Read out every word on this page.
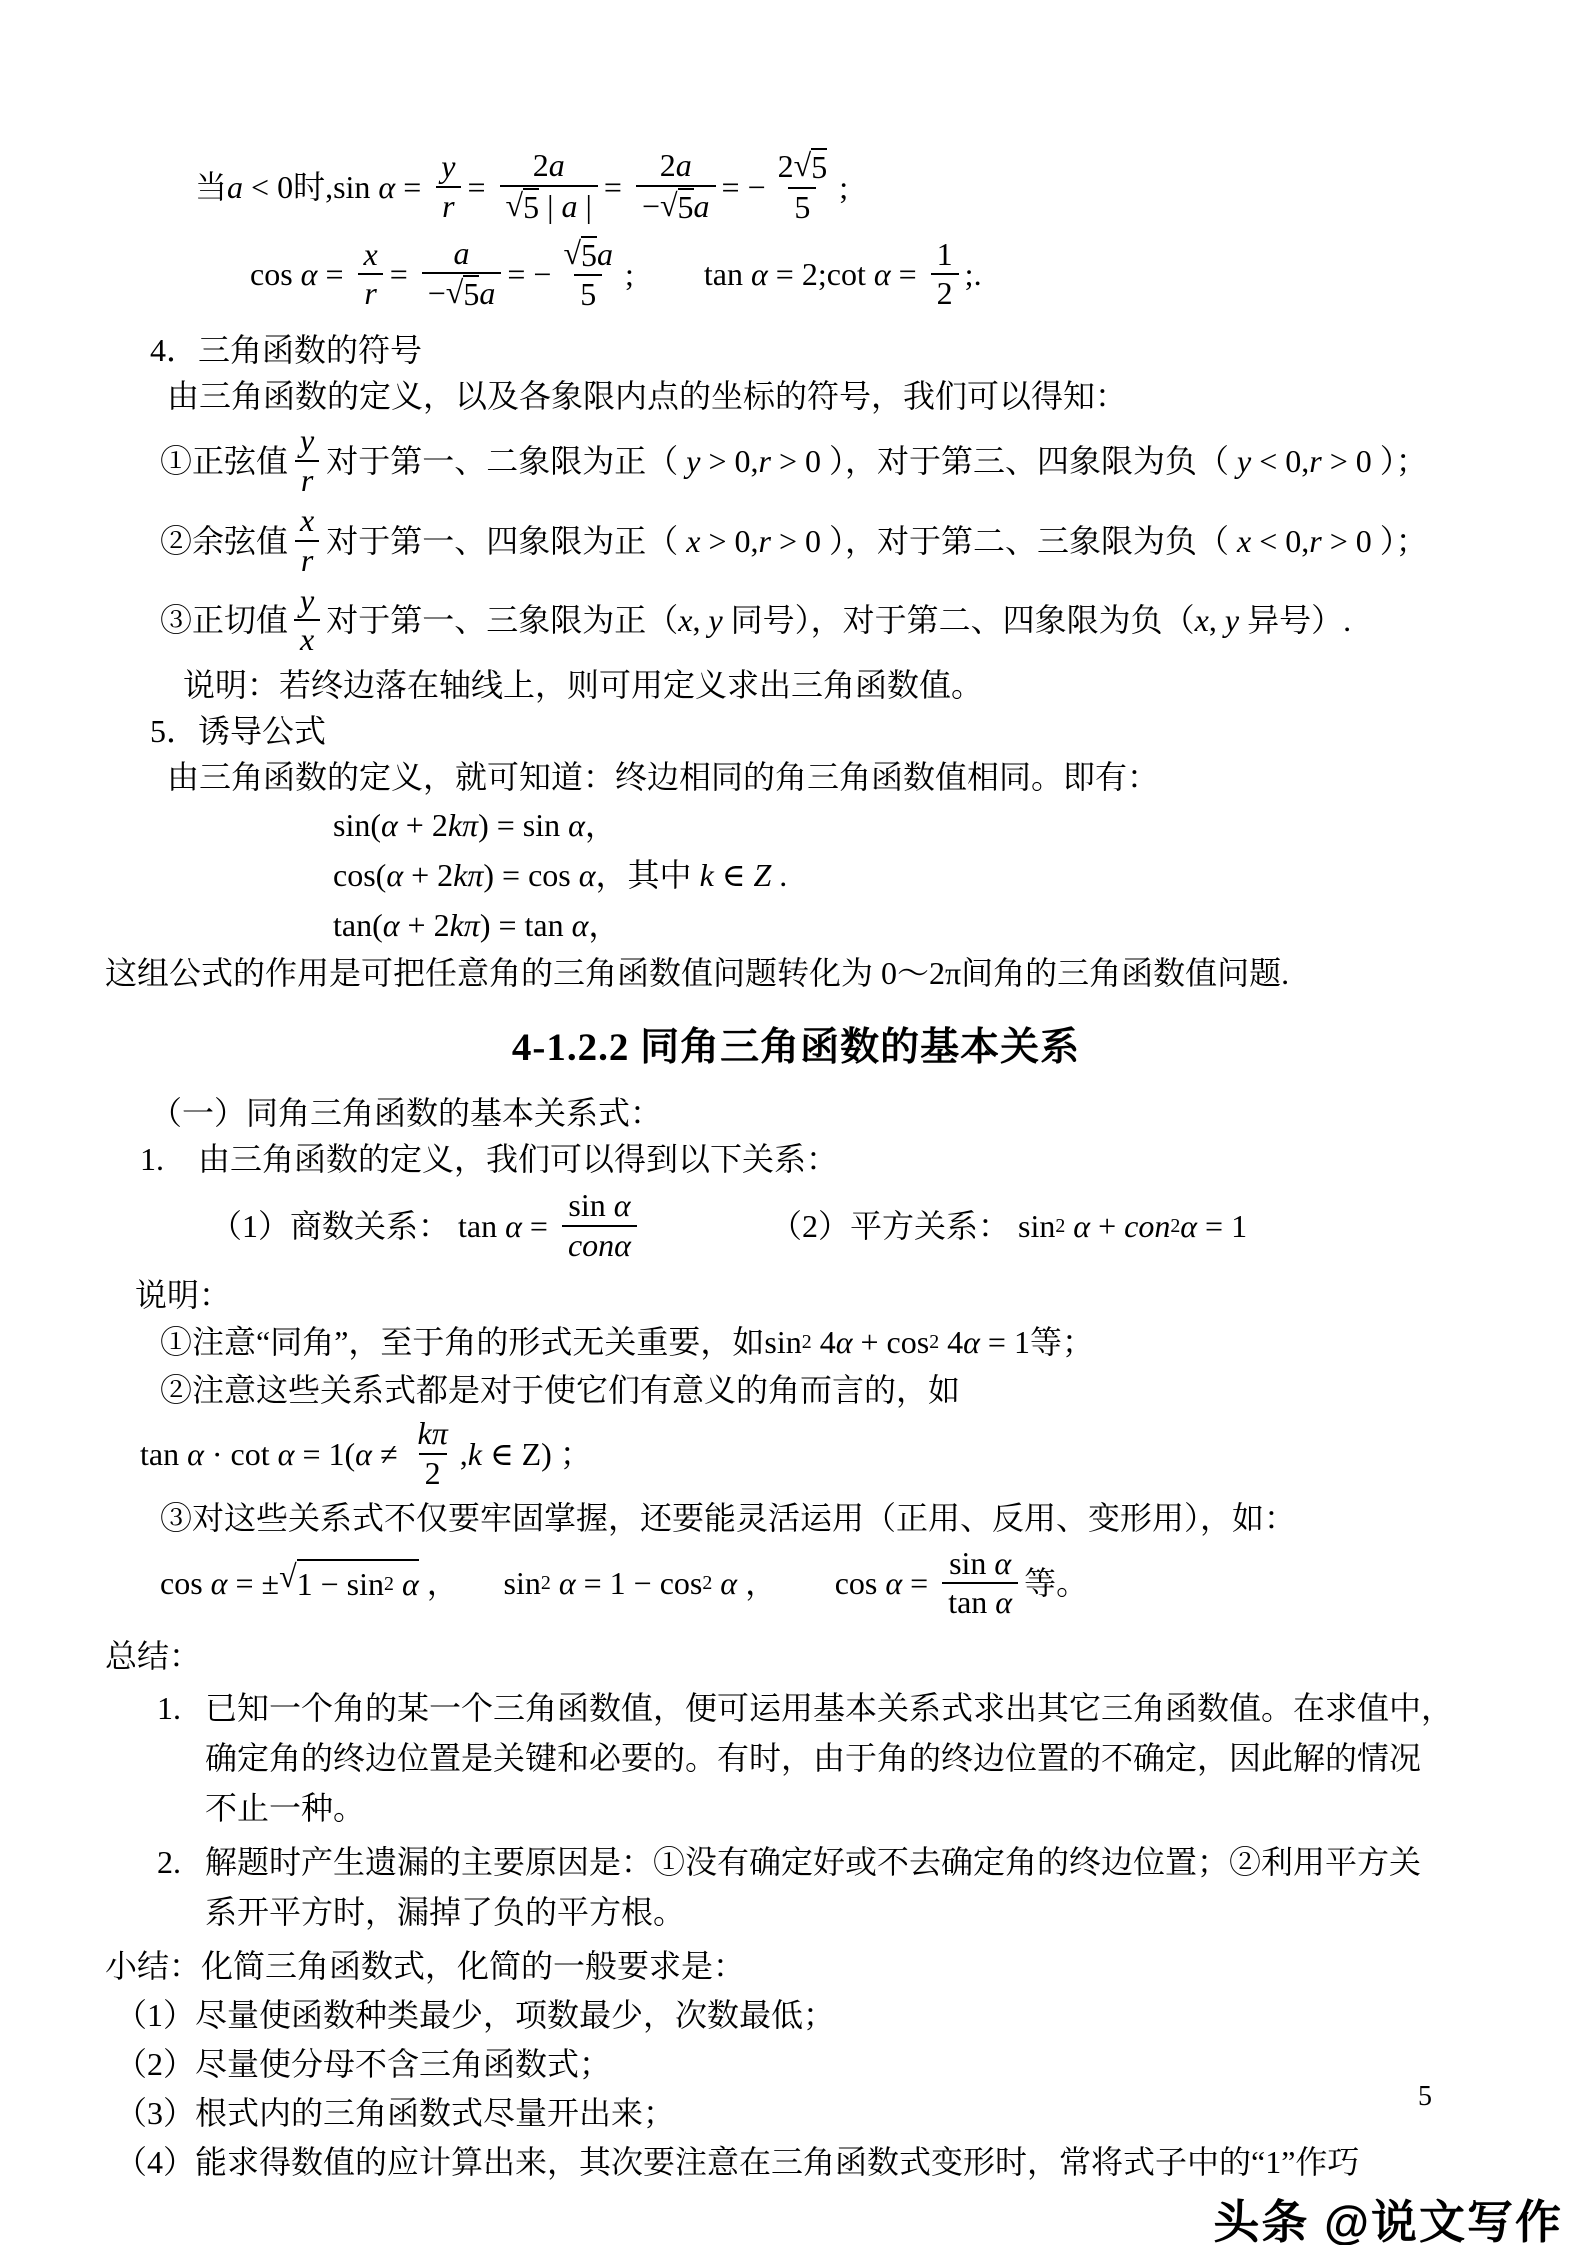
当 a < 0 时 ,sin $\alpha = \frac{y}{r} = \frac{2 a}{√ 5 | a |} = \frac{2 a}{- √ 5 a}$ = − $\frac{2 √ 5}{5}$ ;
$\cos \alpha = \frac{x}{r} = \frac{a}{- √ 5 a}$ = − $\frac{√ 5 a}{5}$ ; tan α = 2; $\cot \alpha = \frac{1}{2}$ ;.
4．三角函数的符号
由三角函数的定义，以及各象限内点的坐标的符号，我们可以得知：
①正弦值 $\frac{y}{r}$ 对于第一、二象限为正（ y > 0, r > 0 ），对于第三、四象限为负（ y < 0, r > 0 ）；
②余弦值 $\frac{x}{r}$ 对于第一、四象限为正（ x > 0, r > 0 ），对于第二、三象限为负（ x < 0, r > 0 ）；
③正切值 $\frac{y}{x}$ 对于第一、三象限为正（ x , y 同号 ），对于第二、四象限为负（ x , y 异号 ）.
说明：若终边落在轴线上，则可用定义求出三角函数值。
5．诱导公式
由三角函数的定义，就可知道：终边相同的角三角函数值相同。即有：
sin( α + 2 kπ ) = sin α ，
cos( α + 2 kπ ) = cos α ，其中 k ∈ Z .
tan( α + 2 kπ ) = tan α ，
这组公式的作用是可把任意角的三角函数值问题转化为 0～2π间角的三角函数值问题.
4-1.2.2 同角三角函数的基本关系
（一）同角三角函数的基本关系式：
1.	由三角函数的定义，我们可以得到以下关系：
（1）商数关系： $\tan \alpha = \frac{\text{sin α}}{\text{conα}}$	（2）平方关系： sin 2
α + con 2 α = 1
说明：
①注意“同角”，至于角的形式无关重要，如 sin 2 4 α + cos 2 4 α = 1 等；
②注意这些关系式都是对于使它们有意义的角而言的，如
tan α · cot α = 1( $\alpha \ne \frac{k\pi}{2}$ , k ∈ Z) ；
③对这些关系式不仅要牢固掌握，还要能灵活运用（正用、反用、变形用），如：
cos α = ± √ 1 − sin 2
α ， sin 2
α = 1 − cos 2
α ， $\cos \alpha = \frac{\text{sin α}}{\text{tan α}}$ 等。
总结：
1. 已知一个角的某一个三角函数值，便可运用基本关系式求出其它三角函数值。在求值中，
确定角的终边位置是关键和必要的。有时，由于角的终边位置的不确定，因此解的情况
不止一种。
2. 解题时产生遗漏的主要原因是：①没有确定好或不去确定角的终边位置；②利用平方关
系开平方时，漏掉了负的平方根。
小结：化简三角函数式，化简的一般要求是：
（1）尽量使函数种类最少，项数最少，次数最低；
（2）尽量使分母不含三角函数式；
（3）根式内的三角函数式尽量开出来；
（4）能求得数值的应计算出来，其次要注意在三角函数式变形时，常将式子中的“1”作巧
5
头条 @说文写作
